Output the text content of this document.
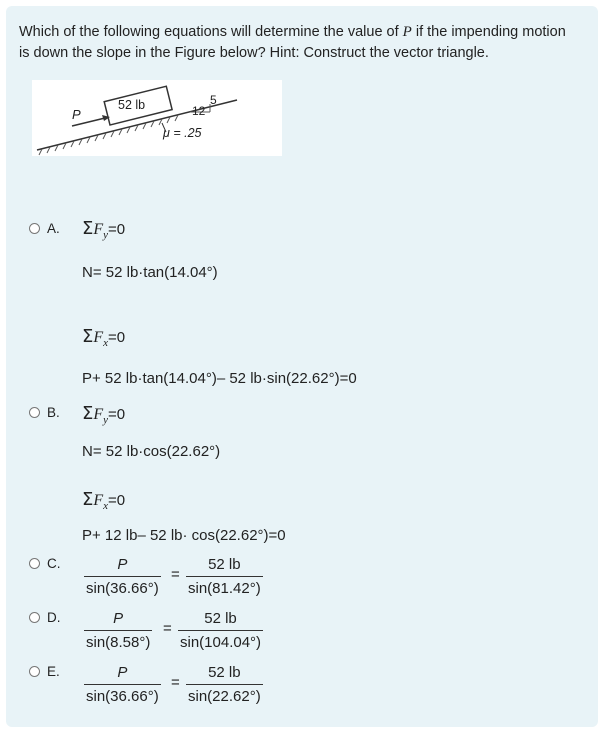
Which of the following equations will determine the value of P if the impending motion is down the slope in the Figure below? Hint: Construct the vector triangle.
P
52 lb	12
5
μ = .25
A. $\Sigma F_y=0$
N= 52 lb·tan(14.04°)
$\Sigma F_x=0$
P+ 52 lb·tan(14.04°)– 52 lb·sin(22.62°)=0
B. $\Sigma F_y=0$
N= 52 lb·cos(22.62°)
$\Sigma F_x=0$
P+ 12 lb– 52 lb· cos(22.62°)=0
C.	P
sin(36.66°)
=
52 lb
sin(81.42°)
D.	P
sin(8.58°)
=
52 lb
sin(104.04°)
E.	P
sin(36.66°)
=
52 lb
sin(22.62°)
